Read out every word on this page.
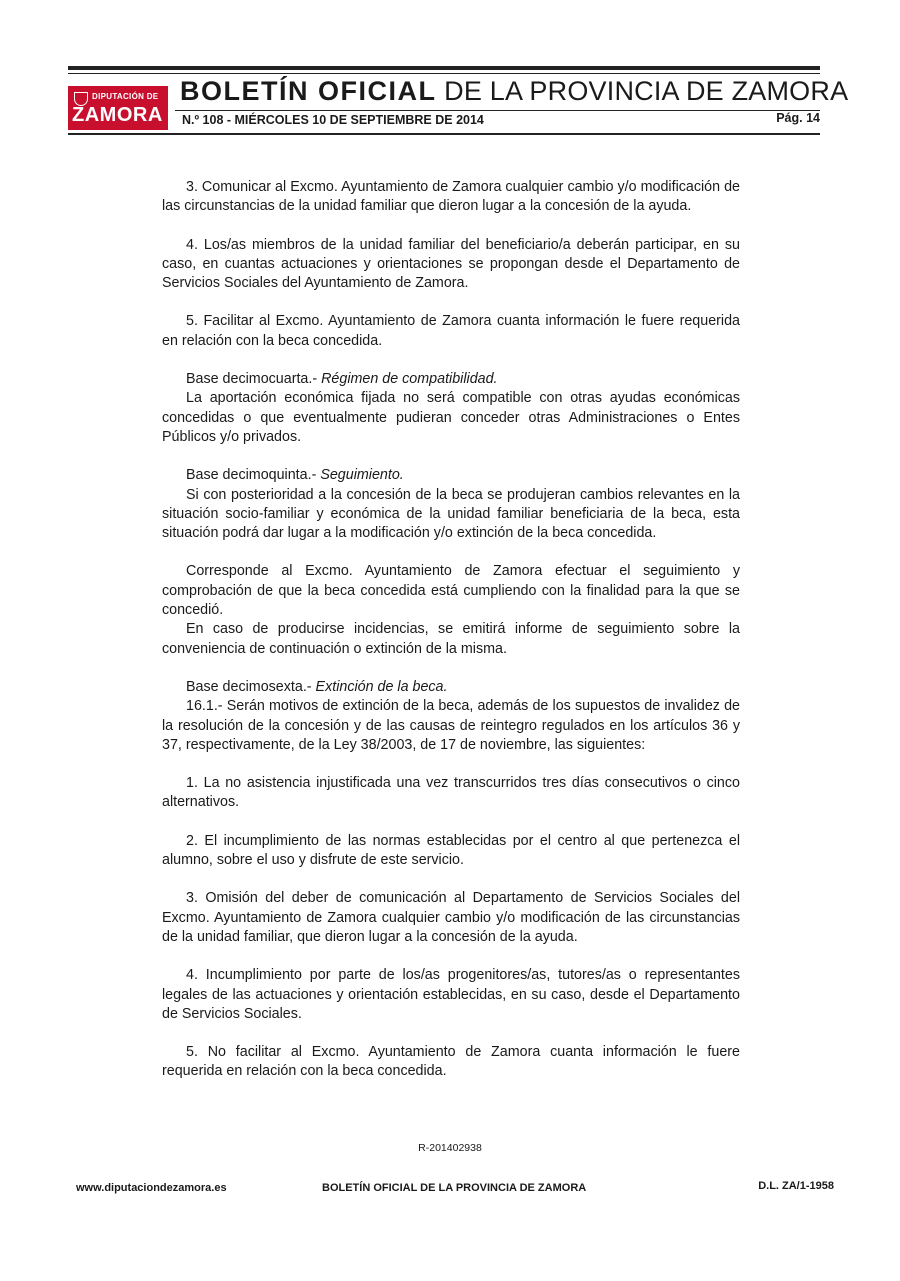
DIPUTACIÓN DE
ZAMORA
BOLETÍN OFICIAL DE LA PROVINCIA DE ZAMORA
N.º 108 - MIÉRCOLES 10 DE SEPTIEMBRE DE 2014	Pág. 14

3. Comunicar al Excmo. Ayuntamiento de Zamora cualquier cambio y/o modificación de las circunstancias de la unidad familiar que dieron lugar a la concesión de la ayuda.

4. Los/as miembros de la unidad familiar del beneficiario/a deberán participar, en su caso, en cuantas actuaciones y orientaciones se propongan desde el Departamento de Servicios Sociales del Ayuntamiento de Zamora.

5. Facilitar al Excmo. Ayuntamiento de Zamora cuanta información le fuere requerida en relación con la beca concedida.

Base decimocuarta.- Régimen de compatibilidad.

La aportación económica fijada no será compatible con otras ayudas económicas concedidas o que eventualmente pudieran conceder otras Administraciones o Entes Públicos y/o privados.

Base decimoquinta.- Seguimiento.

Si con posterioridad a la concesión de la beca se produjeran cambios relevantes en la situación socio-familiar y económica de la unidad familiar beneficiaria de la beca, esta situación podrá dar lugar a la modificación y/o extinción de la beca concedida.

Corresponde al Excmo. Ayuntamiento de Zamora efectuar el seguimiento y comprobación de que la beca concedida está cumpliendo con la finalidad para la que se concedió.

En caso de producirse incidencias, se emitirá informe de seguimiento sobre la conveniencia de continuación o extinción de la misma.

Base decimosexta.- Extinción de la beca.

16.1.- Serán motivos de extinción de la beca, además de los supuestos de invalidez de la resolución de la concesión y de las causas de reintegro regulados en los artículos 36 y 37, respectivamente, de la Ley 38/2003, de 17 de noviembre, las siguientes:

1. La no asistencia injustificada una vez transcurridos tres días consecutivos o cinco alternativos.

2. El incumplimiento de las normas establecidas por el centro al que pertenezca el alumno, sobre el uso y disfrute de este servicio.

3. Omisión del deber de comunicación al Departamento de Servicios Sociales del Excmo. Ayuntamiento de Zamora cualquier cambio y/o modificación de las circunstancias de la unidad familiar, que dieron lugar a la concesión de la ayuda.

4. Incumplimiento por parte de los/as progenitores/as, tutores/as o representantes legales de las actuaciones y orientación establecidas, en su caso, desde el Departamento de Servicios Sociales.

5. No facilitar al Excmo. Ayuntamiento de Zamora cuanta información le fuere requerida en relación con la beca concedida.

R-201402938
www.diputaciondezamora.es	BOLETÍN OFICIAL DE LA PROVINCIA DE ZAMORA	D.L. ZA/1-1958
